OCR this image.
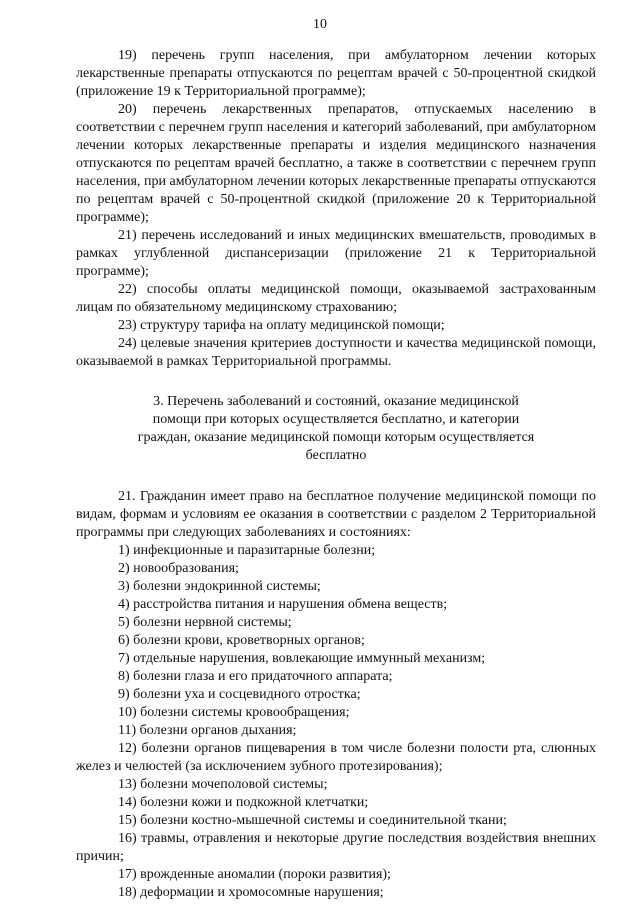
10

19) перечень групп населения, при амбулаторном лечении которых лекарственные препараты отпускаются по рецептам врачей с 50-процентной скидкой (приложение 19 к Территориальной программе);

20) перечень лекарственных препаратов, отпускаемых населению в соответствии с перечнем групп населения и категорий заболеваний, при амбулаторном лечении которых лекарственные препараты и изделия медицинского назначения отпускаются по рецептам врачей бесплатно, а также в соответствии с перечнем групп населения, при амбулаторном лечении которых лекарственные препараты отпускаются по рецептам врачей с 50-процентной скидкой (приложение 20 к Территориальной программе);

21) перечень исследований и иных медицинских вмешательств, проводимых в рамках углубленной диспансеризации (приложение 21 к Территориальной программе);

22) способы оплаты медицинской помощи, оказываемой застрахованным лицам по обязательному медицинскому страхованию;

23) структуру тарифа на оплату медицинской помощи;

24) целевые значения критериев доступности и качества медицинской помощи, оказываемой в рамках Территориальной программы.

3. Перечень заболеваний и состояний, оказание медицинской помощи при которых осуществляется бесплатно, и категории граждан, оказание медицинской помощи которым осуществляется бесплатно

21. Гражданин имеет право на бесплатное получение медицинской помощи по видам, формам и условиям ее оказания в соответствии с разделом 2 Территориальной программы при следующих заболеваниях и состояниях:

1) инфекционные и паразитарные болезни;

2) новообразования;

3) болезни эндокринной системы;

4) расстройства питания и нарушения обмена веществ;

5) болезни нервной системы;

6) болезни крови, кроветворных органов;

7) отдельные нарушения, вовлекающие иммунный механизм;

8) болезни глаза и его придаточного аппарата;

9) болезни уха и сосцевидного отростка;

10) болезни системы кровообращения;

11) болезни органов дыхания;

12) болезни органов пищеварения в том числе болезни полости рта, слюнных желез и челюстей (за исключением зубного протезирования);

13) болезни мочеполовой системы;

14) болезни кожи и подкожной клетчатки;

15) болезни костно-мышечной системы и соединительной ткани;

16) травмы, отравления и некоторые другие последствия воздействия внешних причин;

17) врожденные аномалии (пороки развития);

18) деформации и хромосомные нарушения;
